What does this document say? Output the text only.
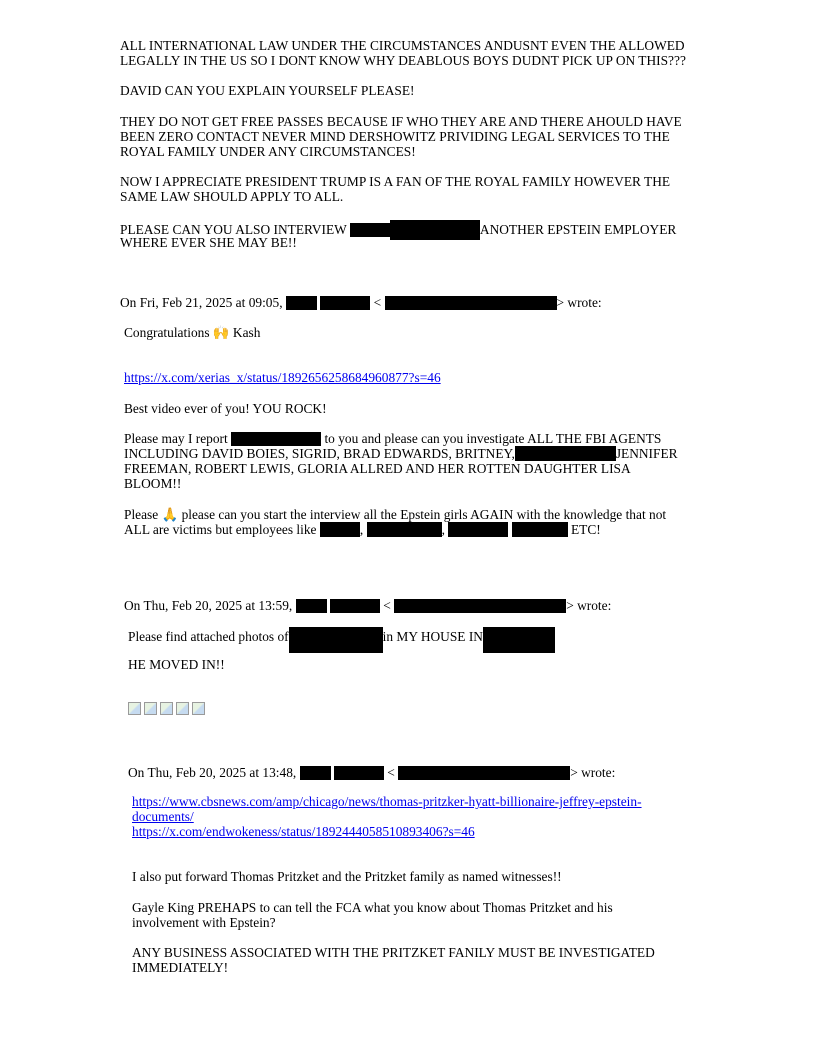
ALL INTERNATIONAL LAW UNDER THE CIRCUMSTANCES ANDUSNT EVEN THE ALLOWED
LEGALLY IN THE US SO I DONT KNOW WHY DEABLOUS BOYS DUDNT PICK UP ON THIS???
DAVID CAN YOU EXPLAIN YOURSELF PLEASE!
THEY DO NOT GET FREE PASSES BECAUSE IF WHO THEY ARE AND THERE AHOULD HAVE
BEEN ZERO CONTACT NEVER MIND DERSHOWITZ PRIVIDING LEGAL SERVICES TO THE
ROYAL FAMILY UNDER ANY CIRCUMSTANCES!
NOW I APPRECIATE PRESIDENT TRUMP IS A FAN OF THE ROYAL FAMILY HOWEVER THE
SAME LAW SHOULD APPLY TO ALL.
PLEASE CAN YOU ALSO INTERVIEW	ANOTHER EPSTEIN EMPLOYER
WHERE EVER SHE MAY BE!!
On Fri, Feb 21, 2025 at 09:05,	<	> wrote:
Congratulations 🙌 Kash
https://x.com/xerias_x/status/1892656258684960877?s=46
Best video ever of you! YOU ROCK!
Please may I report	to you and please can you investigate ALL THE FBI AGENTS
INCLUDING DAVID BOIES, SIGRID, BRAD EDWARDS, BRITNEY,	JENNIFER
FREEMAN, ROBERT LEWIS, GLORIA ALLRED AND HER ROTTEN DAUGHTER LISA
BLOOM!!
Please 🙏 please can you start the interview all the Epstein girls AGAIN with the knowledge that not
ALL are victims but employees like	,	,	ETC!
On Thu, Feb 20, 2025 at 13:59,	<	> wrote:
Please find attached photos of	in MY HOUSE IN
HE MOVED IN!!
On Thu, Feb 20, 2025 at 13:48,	<	> wrote:
https://www.cbsnews.com/amp/chicago/news/thomas-pritzker-hyatt-billionaire-jeffrey-epstein-
documents/
https://x.com/endwokeness/status/1892444058510893406?s=46
I also put forward Thomas Pritzket and the Pritzket family as named witnesses!!
Gayle King PREHAPS to can tell the FCA what you know about Thomas Pritzket and his
involvement with Epstein?
ANY BUSINESS ASSOCIATED WITH THE PRITZKET FANILY MUST BE INVESTIGATED
IMMEDIATELY!
